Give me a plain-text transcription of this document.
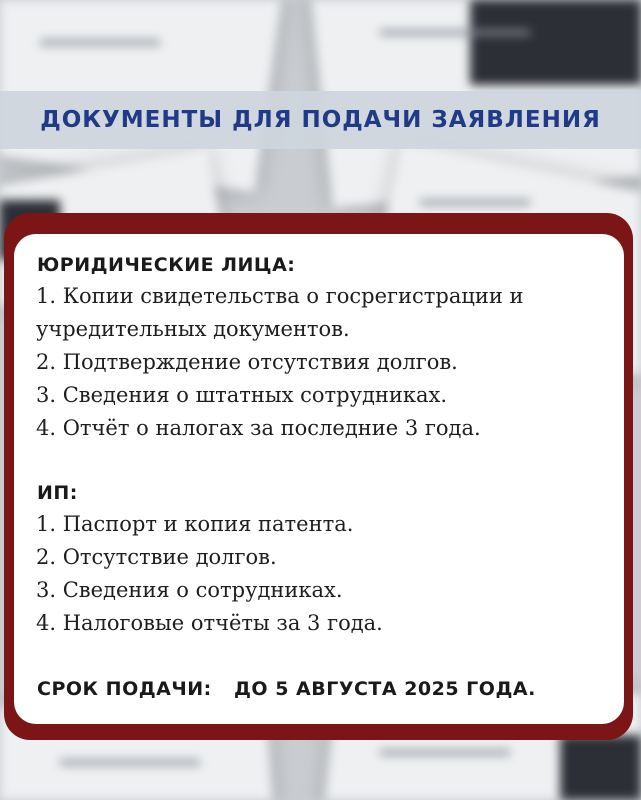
ДОКУМЕНТЫ ДЛЯ ПОДАЧИ ЗАЯВЛЕНИЯ
ЮРИДИЧЕСКИЕ ЛИЦА:
1. Копии свидетельства о госрегистрации и
учредительных документов.
2. Подтверждение отсутствия долгов.
3. Сведения о штатных сотрудниках.
4. Отчёт о налогах за последние 3 года.
ИП:
1. Паспорт и копия патента.
2. Отсутствие долгов.
3. Сведения о сотрудниках.
4. Налоговые отчёты за 3 года.
СРОК ПОДАЧИ: ДО 5 АВГУСТА 2025 ГОДА.
